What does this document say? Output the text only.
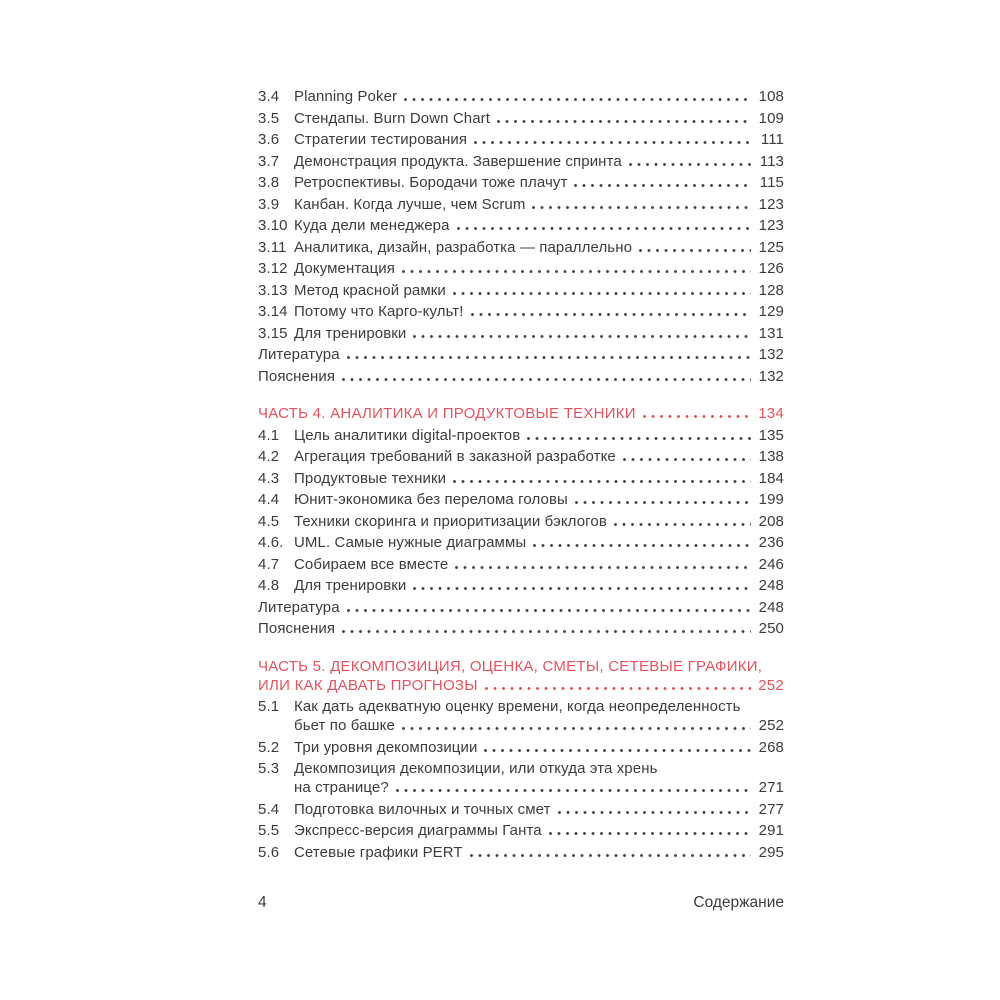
3.4 Planning Poker	108
3.5 Стендапы. Burn Down Chart	109
3.6 Стратегии тестирования	111
3.7 Демонстрация продукта. Завершение спринта	113
3.8 Ретроспективы. Бородачи тоже плачут	115
3.9 Канбан. Когда лучше, чем Scrum	123
3.10 Куда дели менеджера	123
3.11 Аналитика, дизайн, разработка — параллельно	125
3.12 Документация	126
3.13 Метод красной рамки	128
3.14 Потому что Карго-культ!	129
3.15 Для тренировки	131
Литература	132
Пояснения	132
ЧАСТЬ 4. АНАЛИТИКА И ПРОДУКТОВЫЕ ТЕХНИКИ	134
4.1 Цель аналитики digital-проектов	135
4.2 Агрегация требований в заказной разработке	138
4.3 Продуктовые техники	184
4.4 Юнит-экономика без перелома головы	199
4.5 Техники скоринга и приоритизации бэклогов	208
4.6. UML. Самые нужные диаграммы	236
4.7 Собираем все вместе	246
4.8 Для тренировки	248
Литература	248
Пояснения	250
ЧАСТЬ 5. ДЕКОМПОЗИЦИЯ, ОЦЕНКА, СМЕТЫ, СЕТЕВЫЕ ГРАФИКИ,
ИЛИ КАК ДАВАТЬ ПРОГНОЗЫ	252
5.1 Как дать адекватную оценку времени, когда неопределенность
бьет по башке	252
5.2 Три уровня декомпозиции	268
5.3 Декомпозиция декомпозиции, или откуда эта хрень
на странице?	271
5.4 Подготовка вилочных и точных смет	277
5.5 Экспресс-версия диаграммы Ганта	291
5.6 Сетевые графики PERT	295
4	Содержание
